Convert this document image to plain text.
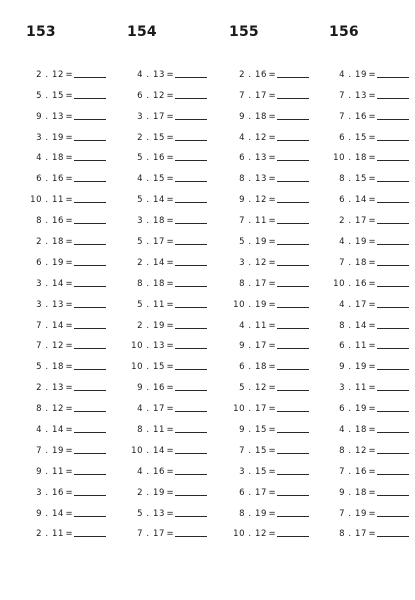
153
2 . 12 =
5 . 15 =
9 . 13 =
3 . 19 =
4 . 18 =
6 . 16 =
10 . 11 =
8 . 16 =
2 . 18 =
6 . 19 =
3 . 14 =
3 . 13 =
7 . 14 =
7 . 12 =
5 . 18 =
2 . 13 =
8 . 12 =
4 . 14 =
7 . 19 =
9 . 11 =
3 . 16 =
9 . 14 =
2 . 11 =
154
4 . 13 =
6 . 12 =
3 . 17 =
2 . 15 =
5 . 16 =
4 . 15 =
5 . 14 =
3 . 18 =
5 . 17 =
2 . 14 =
8 . 18 =
5 . 11 =
2 . 19 =
10 . 13 =
10 . 15 =
9 . 16 =
4 . 17 =
8 . 11 =
10 . 14 =
4 . 16 =
2 . 19 =
5 . 13 =
7 . 17 =
155
2 . 16 =
7 . 17 =
9 . 18 =
4 . 12 =
6 . 13 =
8 . 13 =
9 . 12 =
7 . 11 =
5 . 19 =
3 . 12 =
8 . 17 =
10 . 19 =
4 . 11 =
9 . 17 =
6 . 18 =
5 . 12 =
10 . 17 =
9 . 15 =
7 . 15 =
3 . 15 =
6 . 17 =
8 . 19 =
10 . 12 =
156
4 . 19 =
7 . 13 =
7 . 16 =
6 . 15 =
10 . 18 =
8 . 15 =
6 . 14 =
2 . 17 =
4 . 19 =
7 . 18 =
10 . 16 =
4 . 17 =
8 . 14 =
6 . 11 =
9 . 19 =
3 . 11 =
6 . 19 =
4 . 18 =
8 . 12 =
7 . 16 =
9 . 18 =
7 . 19 =
8 . 17 =
